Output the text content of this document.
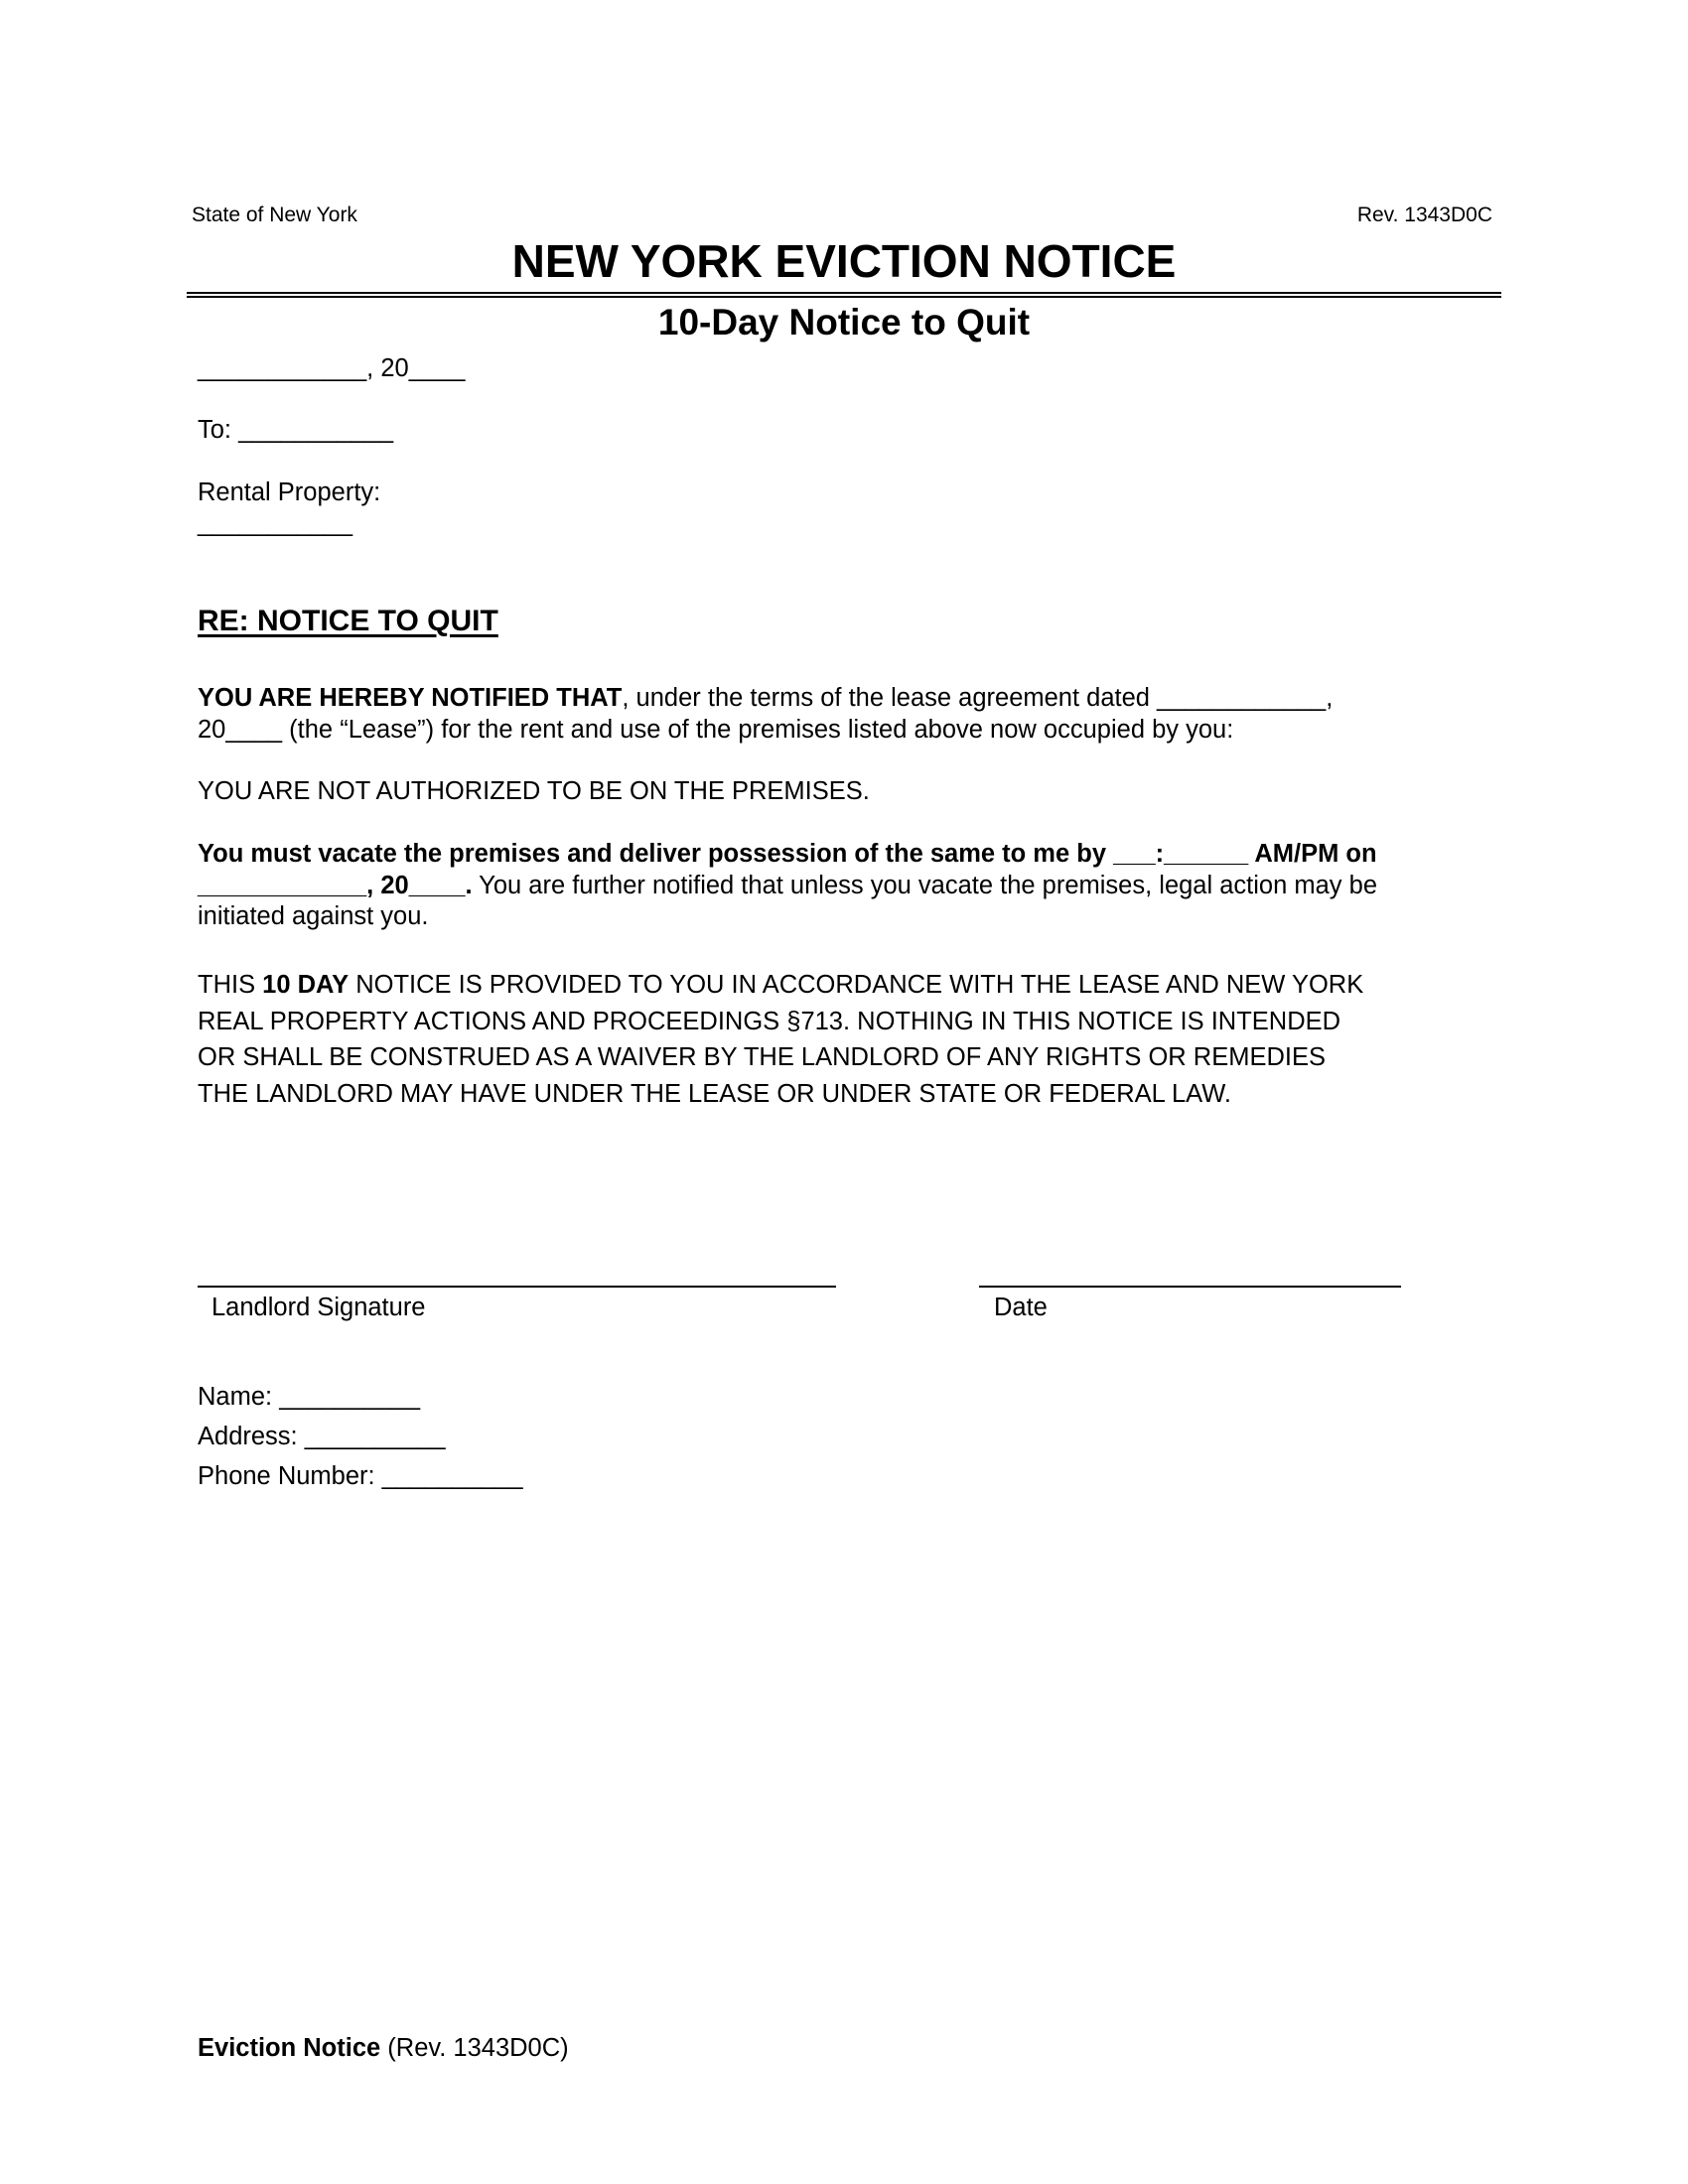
State of New York	Rev. 1343D0C
NEW YORK EVICTION NOTICE
10-Day Notice to Quit
____________, 20____
To: ___________
Rental Property:
___________
RE: NOTICE TO QUIT
YOU ARE HEREBY NOTIFIED THAT, under the terms of the lease agreement dated ____________,
20____ (the “Lease”) for the rent and use of the premises listed above now occupied by you:
YOU ARE NOT AUTHORIZED TO BE ON THE PREMISES.
You must vacate the premises and deliver possession of the same to me by ___:______ AM/PM on
____________, 20____. You are further notified that unless you vacate the premises, legal action may be
initiated against you.
THIS 10 DAY NOTICE IS PROVIDED TO YOU IN ACCORDANCE WITH THE LEASE AND NEW YORK
REAL PROPERTY ACTIONS AND PROCEEDINGS §713. NOTHING IN THIS NOTICE IS INTENDED
OR SHALL BE CONSTRUED AS A WAIVER BY THE LANDLORD OF ANY RIGHTS OR REMEDIES
THE LANDLORD MAY HAVE UNDER THE LEASE OR UNDER STATE OR FEDERAL LAW.
Landlord Signature	Date
Name: __________
Address: __________
Phone Number: __________
Eviction Notice (Rev. 1343D0C)
